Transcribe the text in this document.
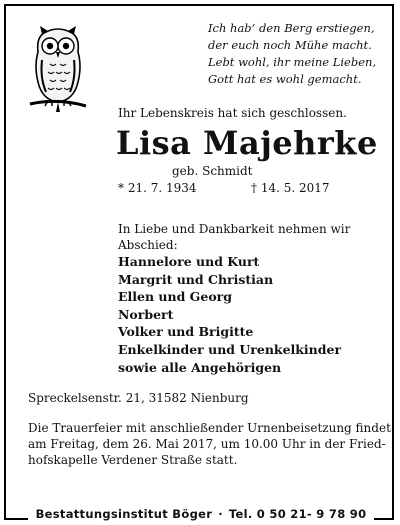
Ich hab’ den Berg erstiegen,
der euch noch Mühe macht.
Lebt wohl, ihr meine Lieben,
Gott hat es wohl gemacht.
Ihr Lebenskreis hat sich geschlossen.
Lisa Majehrke
geb. Schmidt
* 21. 7. 1934	† 14. 5. 2017
In Liebe und Dankbarkeit nehmen wir Abschied:
Hannelore und Kurt
Margrit und Christian
Ellen und Georg
Norbert
Volker und Brigitte
Enkelkinder und Urenkelkinder
sowie alle Angehörigen
Spreckelsenstr. 21, 31582 Nienburg
Die Trauerfeier mit anschließender Urnenbeisetzung findet
am Freitag, dem 26. Mai 2017, um 10.00 Uhr in der Fried-
hofskapelle Verdener Straße statt.
Bestattungsinstitut Böger · Tel. 0 50 21- 9 78 90
